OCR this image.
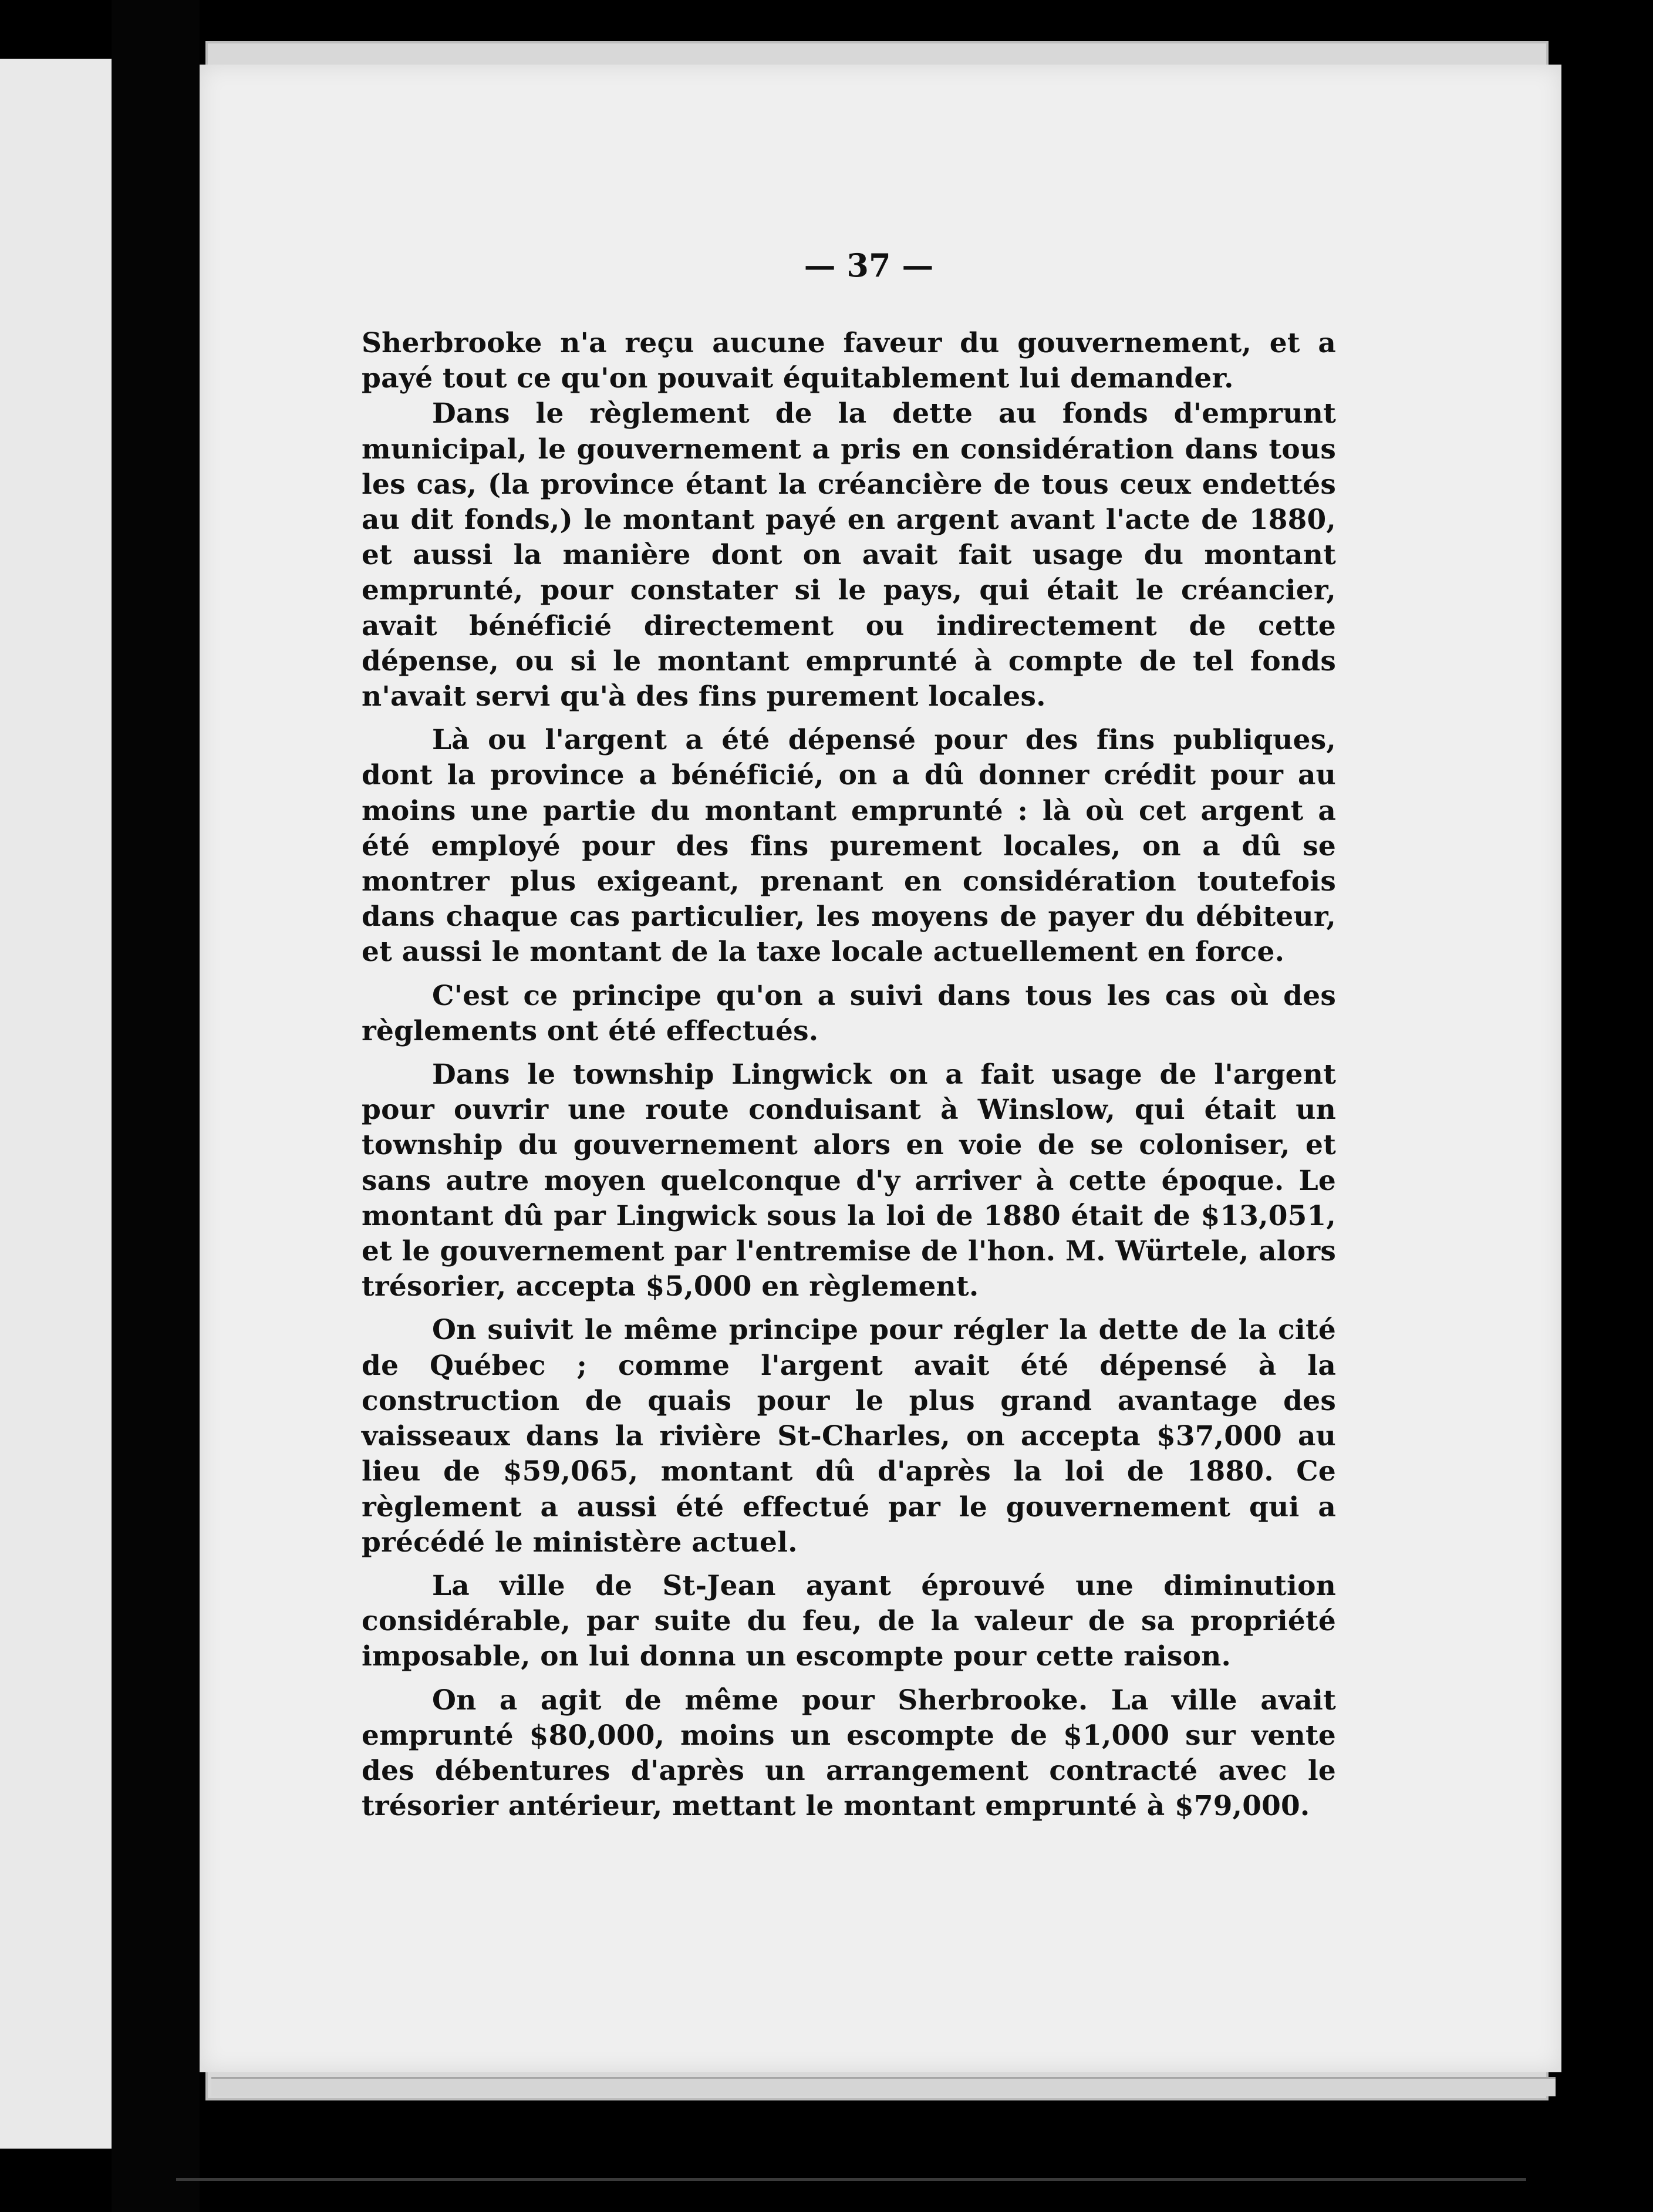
— 37 —

Sherbrooke n'a reçu aucune faveur du gouvernement, et a payé tout ce qu'on pouvait équitablement lui demander.

Dans le règlement de la dette au fonds d'emprunt municipal, le gouvernement a pris en considération dans tous les cas, (la province étant la créancière de tous ceux endettés au dit fonds,) le montant payé en argent avant l'acte de 1880, et aussi la manière dont on avait fait usage du montant emprunté, pour constater si le pays, qui était le créancier, avait bénéficié directement ou indirectement de cette dépense, ou si le montant emprunté à compte de tel fonds n'avait servi qu'à des fins purement locales.

Là ou l'argent a été dépensé pour des fins publiques, dont la province a bénéficié, on a dû donner crédit pour au moins une partie du montant emprunté : là où cet argent a été employé pour des fins purement locales, on a dû se montrer plus exigeant, prenant en considération toutefois dans chaque cas particulier, les moyens de payer du débiteur, et aussi le montant de la taxe locale actuellement en force.

C'est ce principe qu'on a suivi dans tous les cas où des règlements ont été effectués.

Dans le township Lingwick on a fait usage de l'argent pour ouvrir une route conduisant à Winslow, qui était un township du gouvernement alors en voie de se coloniser, et sans autre moyen quelconque d'y arriver à cette époque. Le montant dû par Lingwick sous la loi de 1880 était de $13,051, et le gouvernement par l'entremise de l'hon. M. Würtele, alors trésorier, accepta $5,000 en règlement.

On suivit le même principe pour régler la dette de la cité de Québec ; comme l'argent avait été dépensé à la construction de quais pour le plus grand avantage des vaisseaux dans la rivière St-Charles, on accepta $37,000 au lieu de $59,065, montant dû d'après la loi de 1880. Ce règlement a aussi été effectué par le gouvernement qui a précédé le ministère actuel.

La ville de St-Jean ayant éprouvé une diminution considérable, par suite du feu, de la valeur de sa propriété imposable, on lui donna un escompte pour cette raison.

On a agit de même pour Sherbrooke. La ville avait emprunté $80,000, moins un escompte de $1,000 sur vente des débentures d'après un arrangement contracté avec le trésorier antérieur, mettant le montant emprunté à $79,000.
